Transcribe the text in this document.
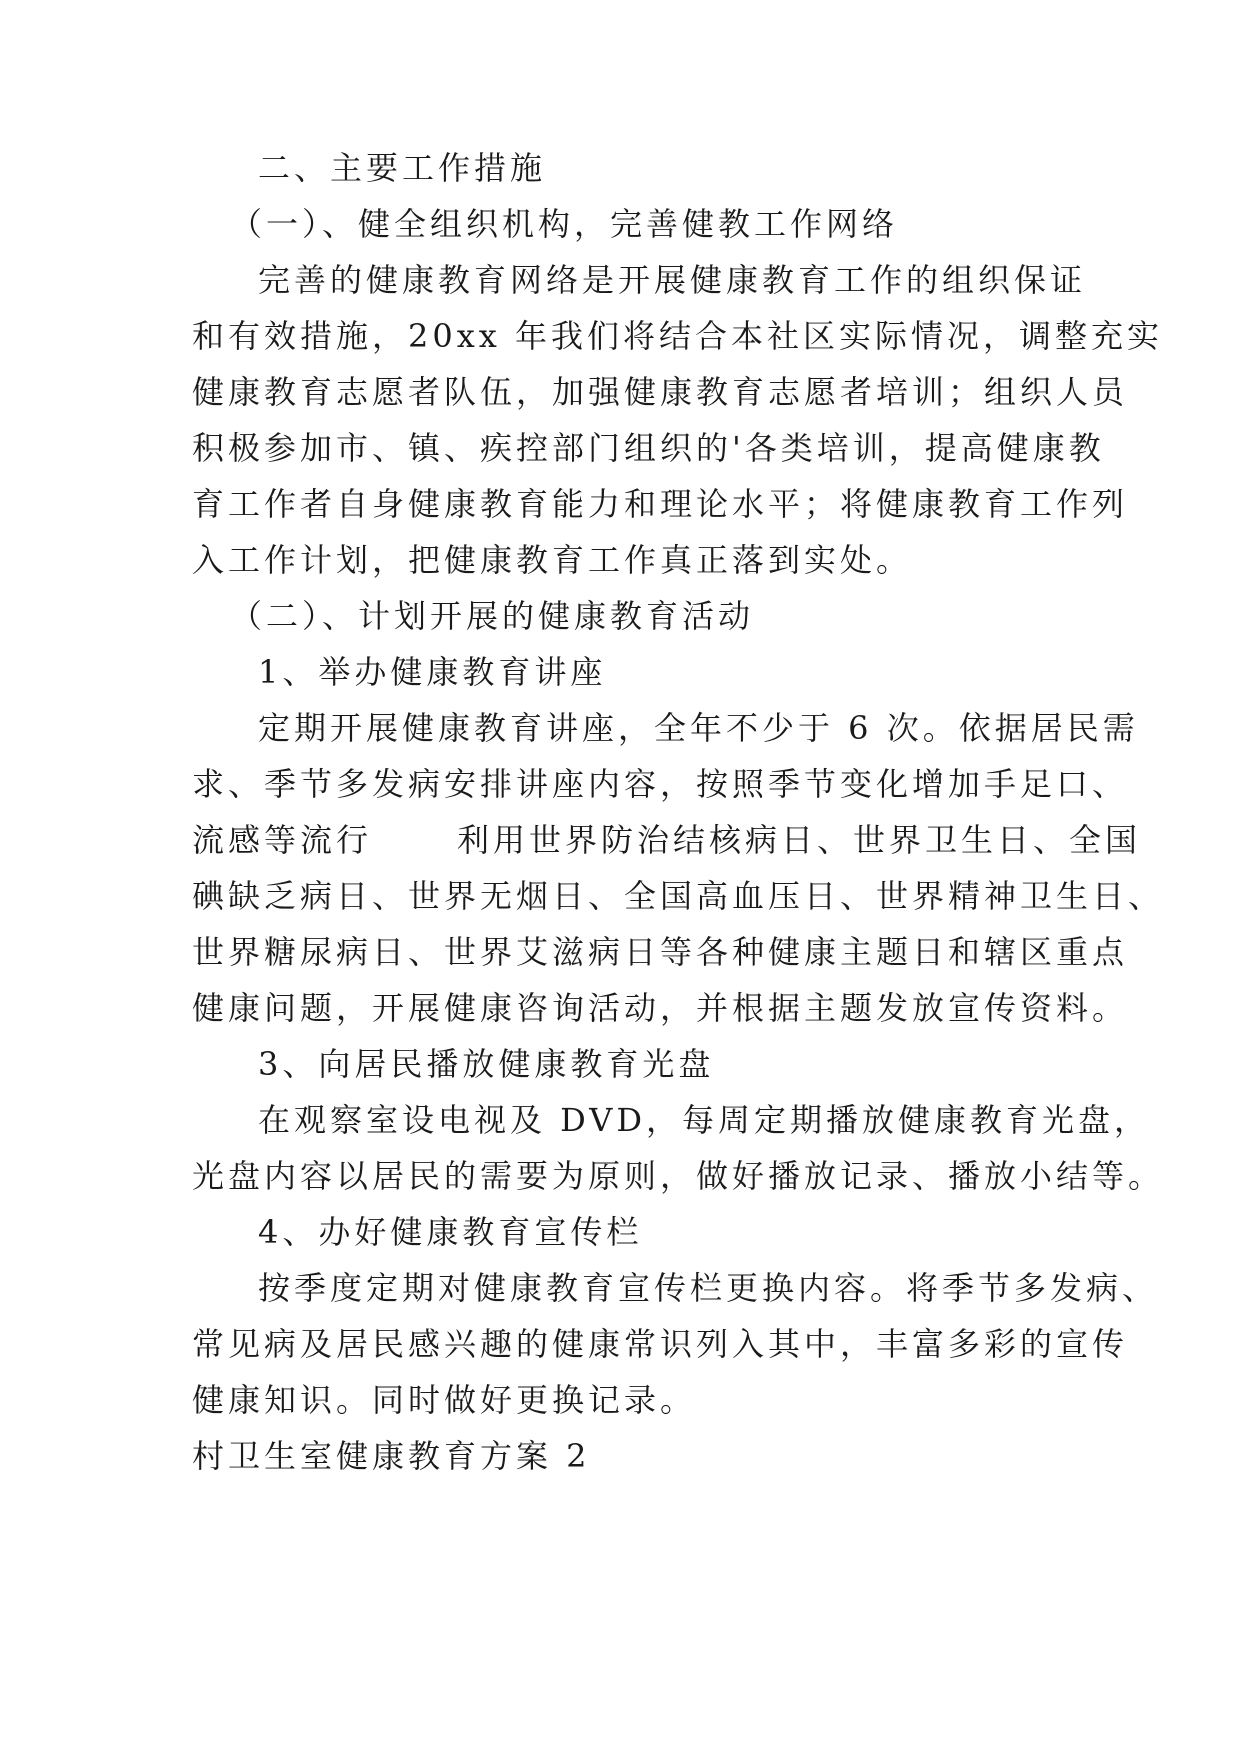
二、主要工作措施
（一）、健全组织机构，完善健教工作网络
完善的健康教育网络是开展健康教育工作的组织保证
和有效措施，20xx 年我们将结合本社区实际情况，调整充实
健康教育志愿者队伍，加强健康教育志愿者培训；组织人员
积极参加市、镇、疾控部门组织的'各类培训，提高健康教
育工作者自身健康教育能力和理论水平；将健康教育工作列
入工作计划，把健康教育工作真正落到实处。
（二）、计划开展的健康教育活动
1、举办健康教育讲座
定期开展健康教育讲座，全年不少于 6 次。依据居民需
求、季节多发病安排讲座内容，按照季节变化增加手足口、
流感等流行      利用世界防治结核病日、世界卫生日、全国
碘缺乏病日、世界无烟日、全国高血压日、世界精神卫生日、
世界糖尿病日、世界艾滋病日等各种健康主题日和辖区重点
健康问题，开展健康咨询活动，并根据主题发放宣传资料。
3、向居民播放健康教育光盘
在观察室设电视及 DVD，每周定期播放健康教育光盘，
光盘内容以居民的需要为原则，做好播放记录、播放小结等。
4、办好健康教育宣传栏
按季度定期对健康教育宣传栏更换内容。将季节多发病、
常见病及居民感兴趣的健康常识列入其中，丰富多彩的宣传
健康知识。同时做好更换记录。
村卫生室健康教育方案 2
